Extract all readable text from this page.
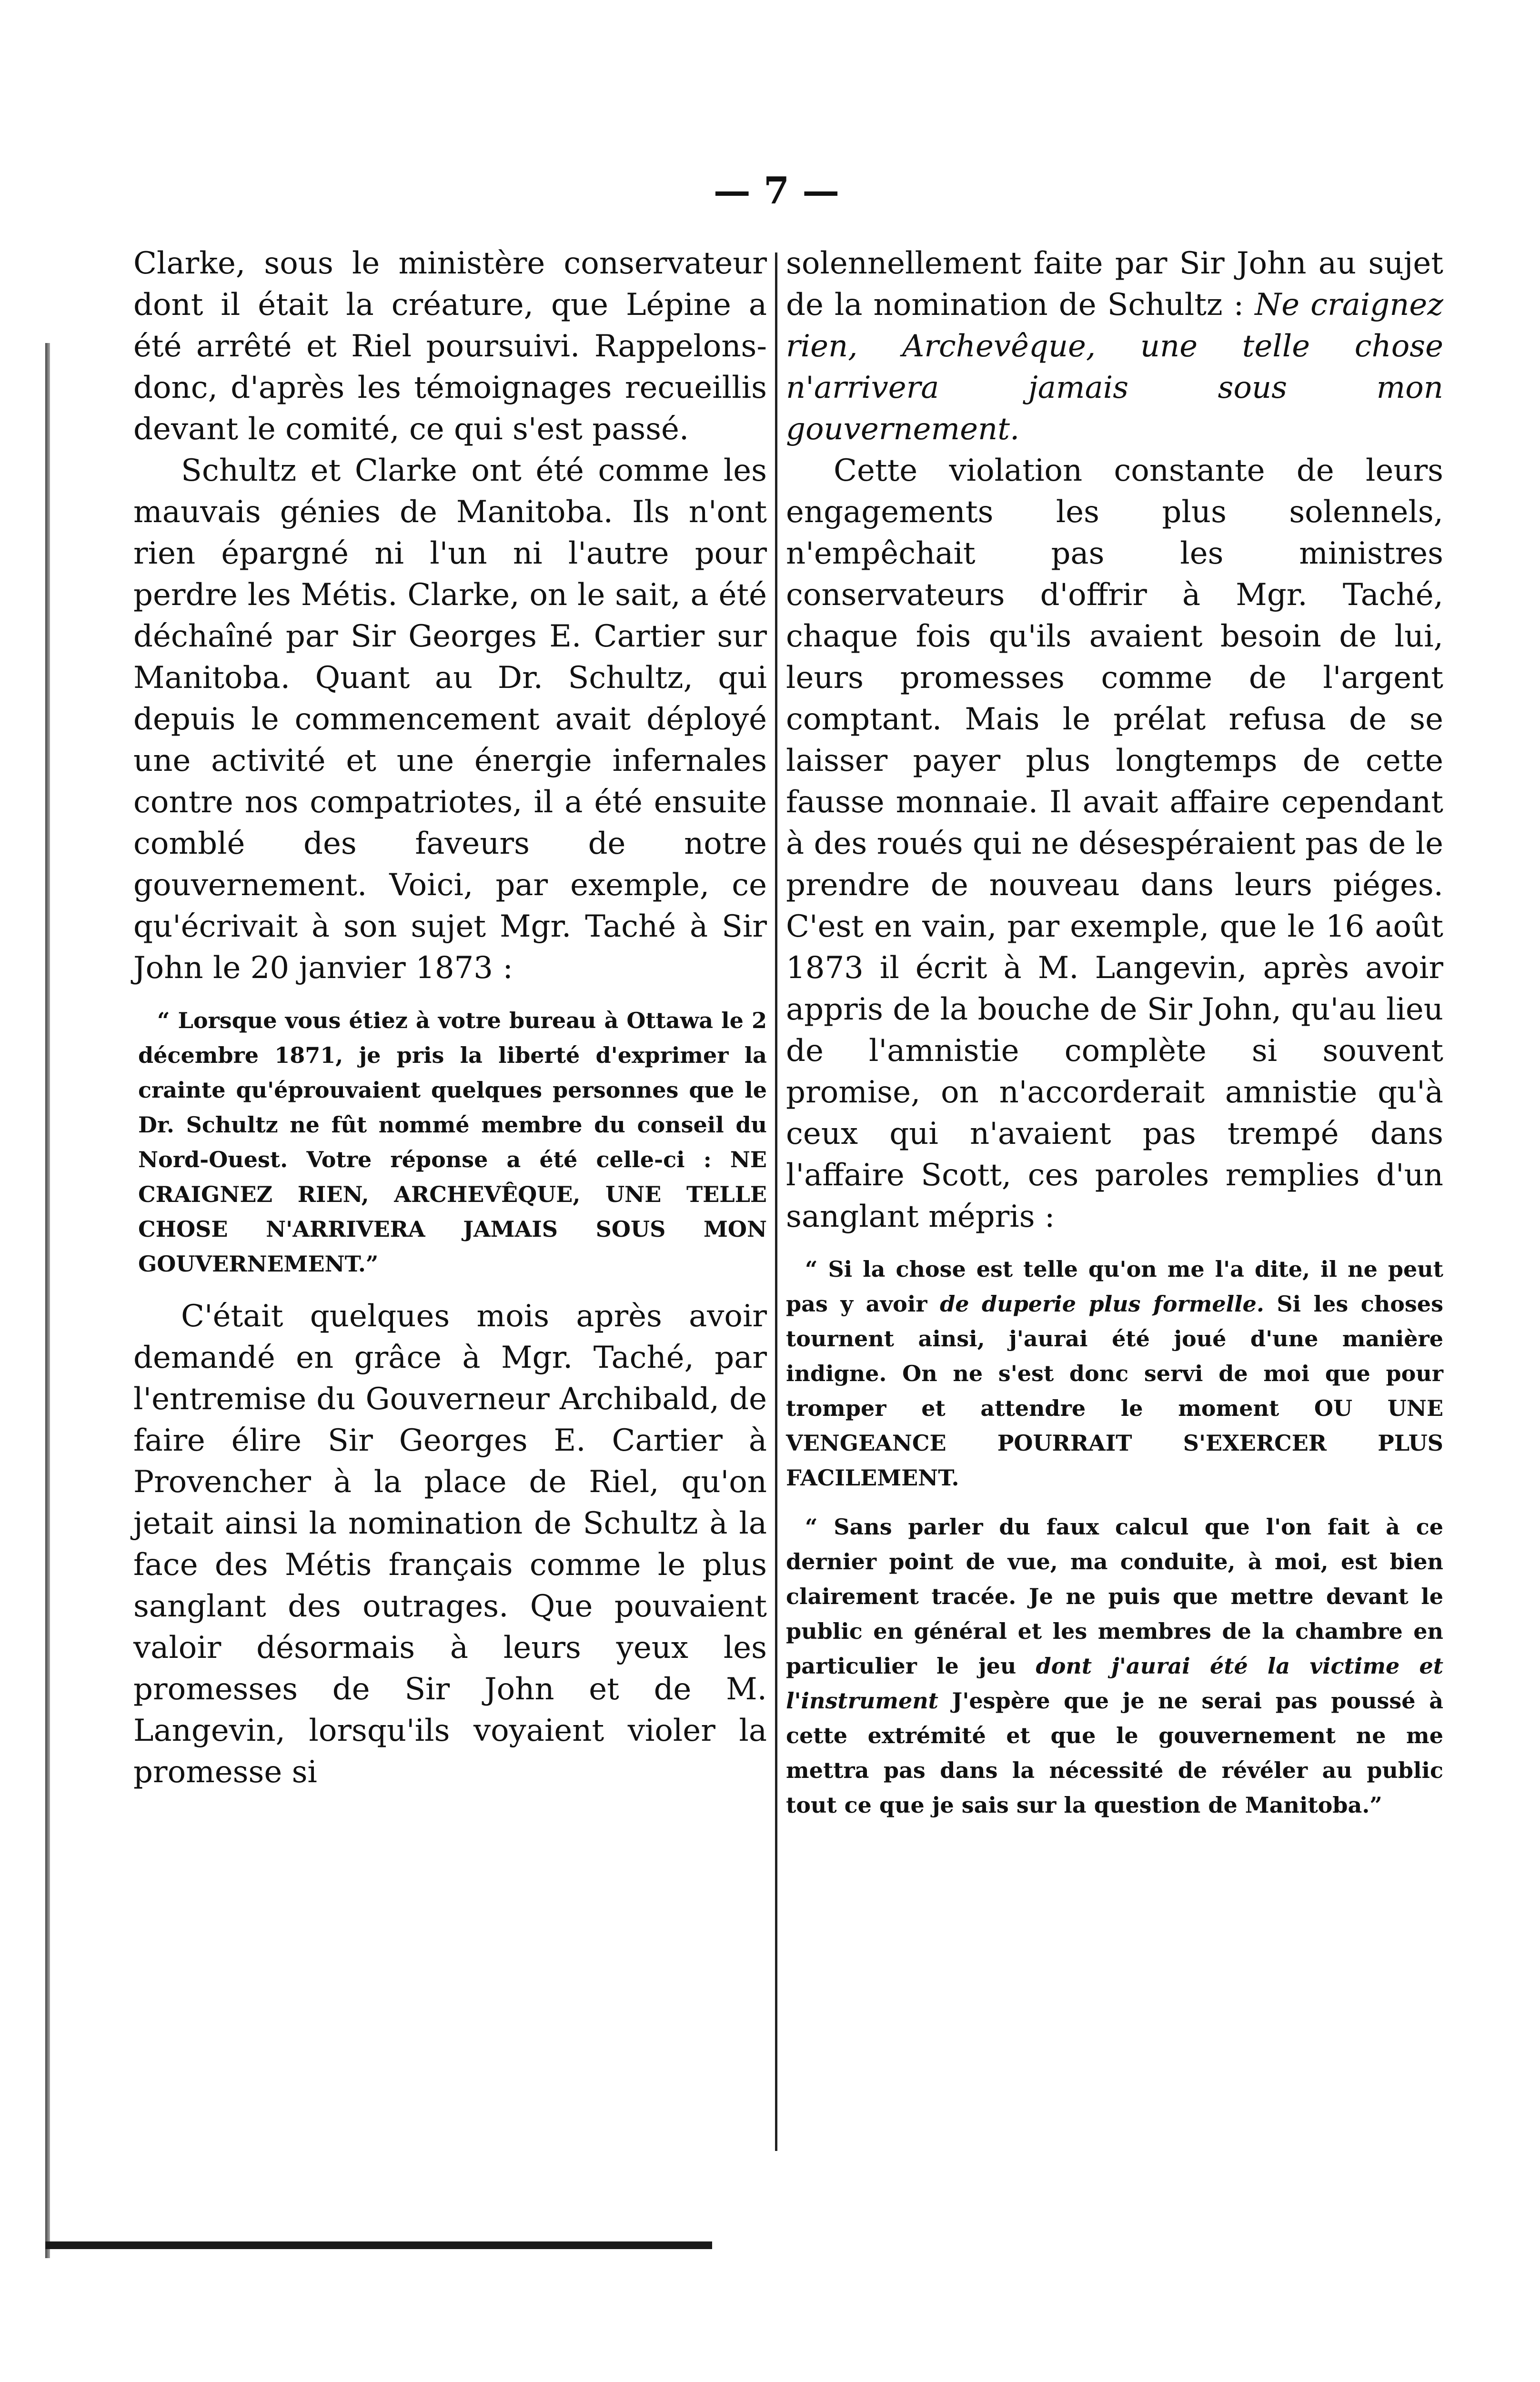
— 7 —

Clarke, sous le ministère conservateur dont il était la créature, que Lépine a été arrêté et Riel poursuivi. Rappelons-donc, d'après les témoignages recueillis devant le comité, ce qui s'est passé.

Schultz et Clarke ont été comme les mauvais génies de Manitoba. Ils n'ont rien épargné ni l'un ni l'autre pour perdre les Métis. Clarke, on le sait, a été déchaîné par Sir Georges E. Cartier sur Manitoba. Quant au Dr. Schultz, qui depuis le commencement avait déployé une activité et une énergie infernales contre nos compatriotes, il a été ensuite comblé des faveurs de notre gouvernement. Voici, par exemple, ce qu'écrivait à son sujet Mgr. Taché à Sir John le 20 janvier 1873 :

“ Lorsque vous étiez à votre bureau à Ottawa le 2 décembre 1871, je pris la liberté d'exprimer la crainte qu'éprouvaient quelques personnes que le Dr. Schultz ne fût nommé membre du conseil du Nord-Ouest. Votre réponse a été celle-ci : NE CRAIGNEZ RIEN, ARCHEVÊQUE, UNE TELLE CHOSE N'ARRIVERA JAMAIS SOUS MON GOUVERNEMENT.”

C'était quelques mois après avoir demandé en grâce à Mgr. Taché, par l'entremise du Gouverneur Archibald, de faire élire Sir Georges E. Cartier à Provencher à la place de Riel, qu'on jetait ainsi la nomination de Schultz à la face des Métis français comme le plus sanglant des outrages. Que pouvaient valoir désormais à leurs yeux les promesses de Sir John et de M. Langevin, lorsqu'ils voyaient violer la promesse si

solennellement faite par Sir John au sujet de la nomination de Schultz : Ne craignez rien, Archevêque, une telle chose n'arrivera jamais sous mon gouvernement.

Cette violation constante de leurs engagements les plus solennels, n'empêchait pas les ministres conservateurs d'offrir à Mgr. Taché, chaque fois qu'ils avaient besoin de lui, leurs promesses comme de l'argent comptant. Mais le prélat refusa de se laisser payer plus longtemps de cette fausse monnaie. Il avait affaire cependant à des roués qui ne désespéraient pas de le prendre de nouveau dans leurs piéges. C'est en vain, par exemple, que le 16 août 1873 il écrit à M. Langevin, après avoir appris de la bouche de Sir John, qu'au lieu de l'amnistie complète si souvent promise, on n'accorderait amnistie qu'à ceux qui n'avaient pas trempé dans l'affaire Scott, ces paroles remplies d'un sanglant mépris :

“ Si la chose est telle qu'on me l'a dite, il ne peut pas y avoir de duperie plus formelle. Si les choses tournent ainsi, j'aurai été joué d'une manière indigne. On ne s'est donc servi de moi que pour tromper et attendre le moment OU UNE VENGEANCE POURRAIT S'EXERCER PLUS FACILEMENT.

“ Sans parler du faux calcul que l'on fait à ce dernier point de vue, ma conduite, à moi, est bien clairement tracée. Je ne puis que mettre devant le public en général et les membres de la chambre en particulier le jeu dont j'aurai été la victime et l'instrument J'espère que je ne serai pas poussé à cette extrémité et que le gouvernement ne me mettra pas dans la nécessité de révéler au public tout ce que je sais sur la question de Manitoba.”
